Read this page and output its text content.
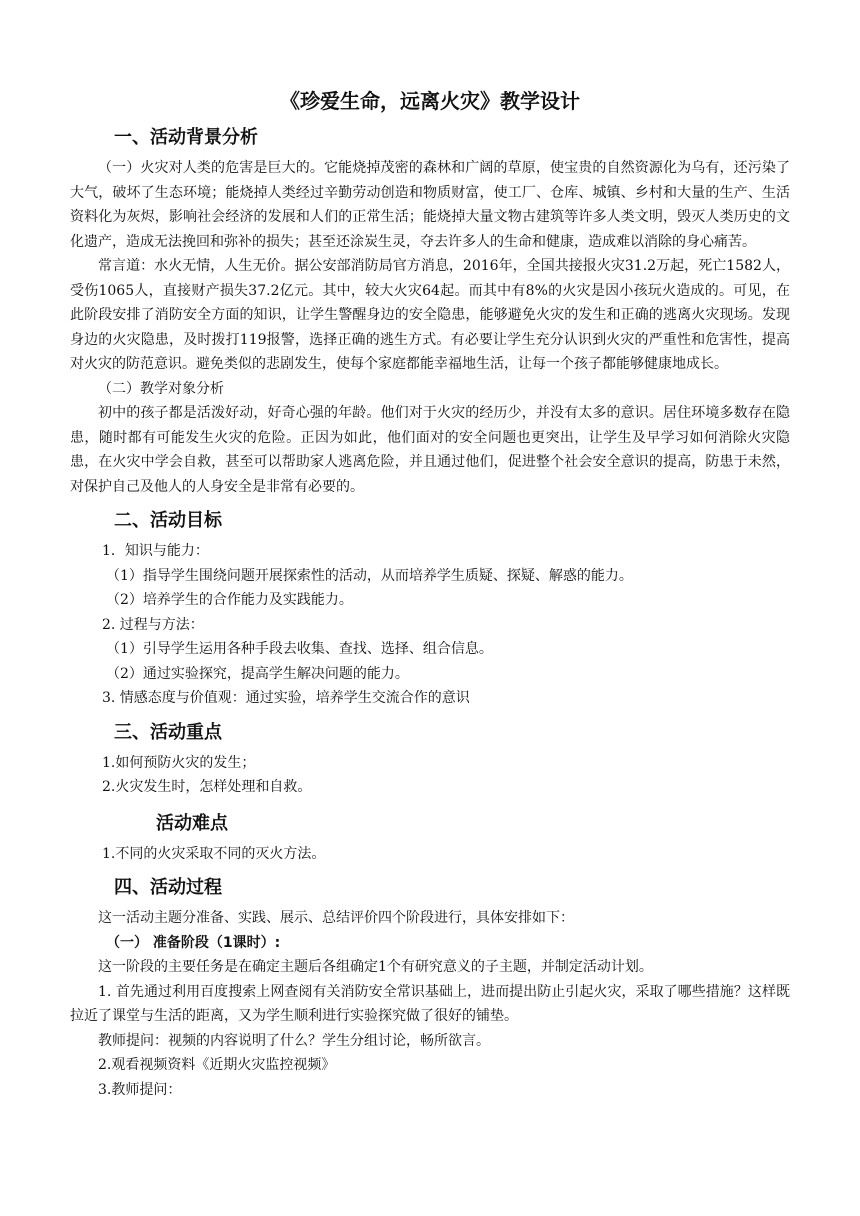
《珍爱生命，远离火灾》教学设计
一、活动背景分析

（一）火灾对人类的危害是巨大的。它能烧掉茂密的森林和广阔的草原，使宝贵的自然资源化为乌有，还污染了大气，破坏了生态环境；能烧掉人类经过辛勤劳动创造和物质财富，使工厂、仓库、城镇、乡村和大量的生产、生活资料化为灰烬，影响社会经济的发展和人们的正常生活；能烧掉大量文物古建筑等许多人类文明，毁灭人类历史的文化遗产，造成无法挽回和弥补的损失；甚至还涂炭生灵，夺去许多人的生命和健康，造成难以消除的身心痛苦。

常言道：水火无情，人生无价。据公安部消防局官方消息，2016年，全国共接报火灾31.2万起，死亡1582人，受伤1065人，直接财产损失37.2亿元。其中，较大火灾64起。而其中有8%的火灾是因小孩玩火造成的。可见，在此阶段安排了消防安全方面的知识，让学生警醒身边的安全隐患，能够避免火灾的发生和正确的逃离火灾现场。发现身边的火灾隐患，及时拨打119报警，选择正确的逃生方式。有必要让学生充分认识到火灾的严重性和危害性，提高对火灾的防范意识。避免类似的悲剧发生，使每个家庭都能幸福地生活，让每一个孩子都能够健康地成长。

（二）教学对象分析

初中的孩子都是活泼好动，好奇心强的年龄。他们对于火灾的经历少，并没有太多的意识。居住环境多数存在隐患，随时都有可能发生火灾的危险。正因为如此，他们面对的安全问题也更突出，让学生及早学习如何消除火灾隐患，在火灾中学会自救，甚至可以帮助家人逃离危险，并且通过他们，促进整个社会安全意识的提高，防患于未然，对保护自己及他人的人身安全是非常有必要的。

二、活动目标

1．知识与能力：

（1）指导学生围绕问题开展探索性的活动，从而培养学生质疑、探疑、解惑的能力。

（2）培养学生的合作能力及实践能力。

2. 过程与方法：

（1）引导学生运用各种手段去收集、查找、选择、组合信息。

（2）通过实验探究，提高学生解决问题的能力。

3. 情感态度与价值观：通过实验，培养学生交流合作的意识

三、活动重点

1.如何预防火灾的发生；

2.火灾发生时，怎样处理和自救。

活动难点

1.不同的火灾采取不同的灭火方法。

四、活动过程

这一活动主题分准备、实践、展示、总结评价四个阶段进行，具体安排如下：

（一） 准备阶段（1课时）:

这一阶段的主要任务是在确定主题后各组确定1个有研究意义的子主题，并制定活动计划。

1. 首先通过利用百度搜索上网查阅有关消防安全常识基础上，进而提出防止引起火灾，采取了哪些措施？这样既拉近了课堂与生活的距离，又为学生顺利进行实验探究做了很好的铺垫。

教师提问：视频的内容说明了什么？学生分组讨论，畅所欲言。

2.观看视频资料《近期火灾监控视频》

3.教师提问：
